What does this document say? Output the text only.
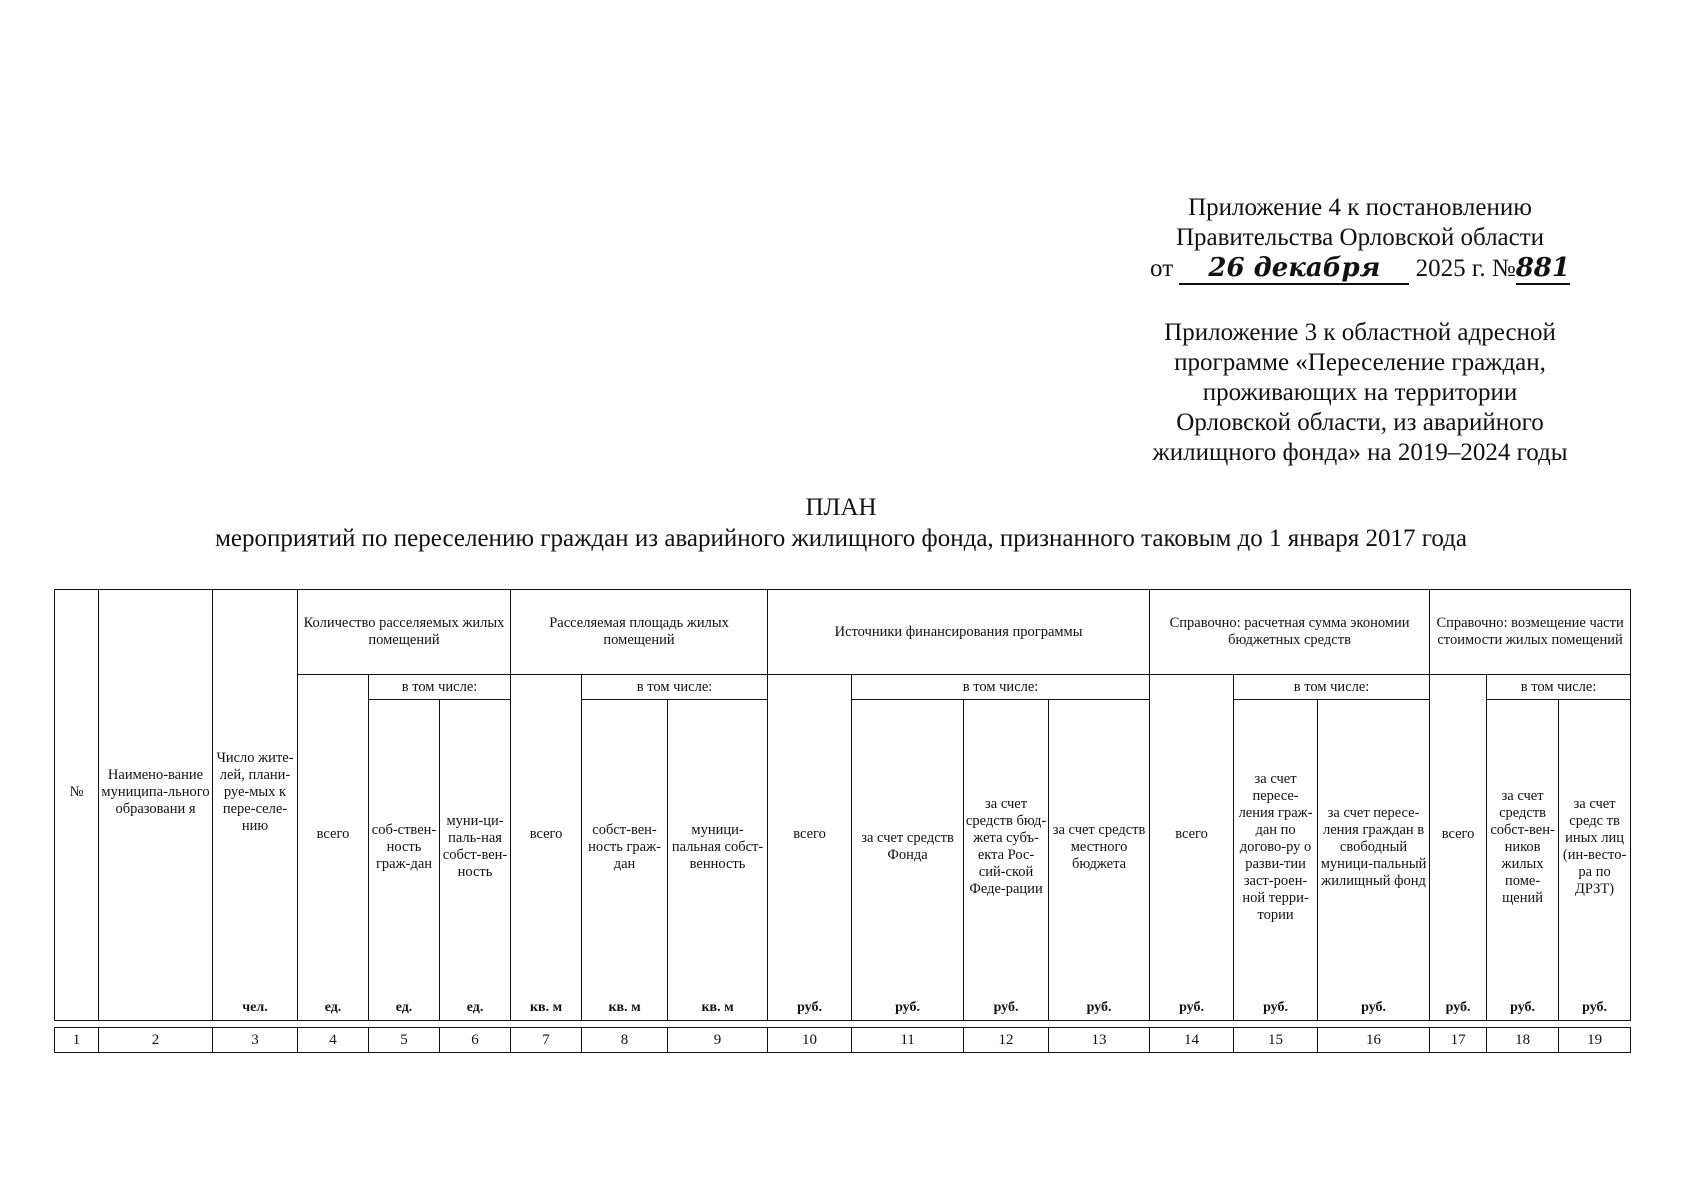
Приложение 4 к постановлению
Правительства Орловской области
от 26 декабря 2025 г. №881
Приложение 3 к областной адресной
программе «Переселение граждан,
проживающих на территории
Орловской области, из аварийного
жилищного фонда» на 2019–2024 годы
ПЛАН
мероприятий по переселению граждан из аварийного жилищного фонда, признанного таковым до 1 января 2017 года
№	Наимено-вание муниципа-льного образовани я	Число жите-лей, плани-руе-мых к пере-селе-нию	Количество расселяемых жилых помещений			Расселяемая площадь жилых помещений			Источники финансирования программы				Справочно: расчетная сумма экономии бюджетных средств			Справочно: возмещение части стоимости жилых помещений		
			всего	в том числе:		всего	в том числе:		всего	в том числе:			всего	в том числе:		всего	в том числе:	
				соб-ствен-ность граж-дан	муни-ци-паль-ная собст-вен-ность		собст-вен-ность граж-дан	муници-пальная собст-венность		за счет средств Фонда	за счет средств бюд-жета субъ-екта Рос-сий-ской Феде-рации	за счет средств местного бюджета		за счет пересе-ления граж-дан по догово-ру о разви-тии заст-роен-ной терри-тории	за счет пересе-ления граждан в свободный муници-пальный жилищный фонд		за счет средств собст-вен-ников жилых поме-щений	за счет средс тв иных лиц (ин-весто-ра по ДРЗТ)
		чел.	ед.	ед.	ед.	кв. м	кв. м	кв. м	руб.	руб.	руб.	руб.	руб.	руб.	руб.	руб.	руб.	руб.

1	2	3	4	5	6	7	8	9	10	11	12	13	14	15	16	17	18	19
